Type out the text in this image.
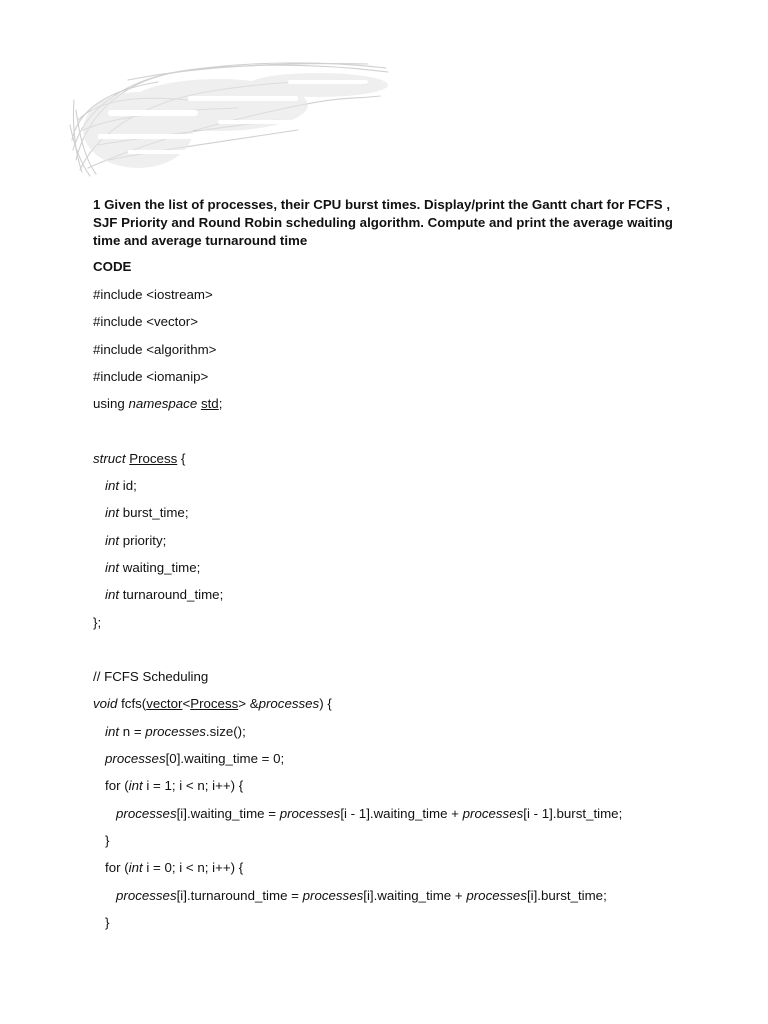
1 Given the list of processes, their CPU burst times. Display/print the Gantt chart for FCFS , SJF Priority and Round Robin scheduling algorithm. Compute and print the average waiting time and average turnaround time

CODE

#include <iostream>
#include <vector>
#include <algorithm>
#include <iomanip>
using namespace std;
struct Process {
int id;
int burst_time;
int priority;
int waiting_time;
int turnaround_time;
};
// FCFS Scheduling
void fcfs(vector<Process> &processes) {
int n = processes.size();
processes[0].waiting_time = 0;
for (int i = 1; i < n; i++) {
processes[i].waiting_time = processes[i - 1].waiting_time + processes[i - 1].burst_time;
}
for (int i = 0; i < n; i++) {
processes[i].turnaround_time = processes[i].waiting_time + processes[i].burst_time;
}
